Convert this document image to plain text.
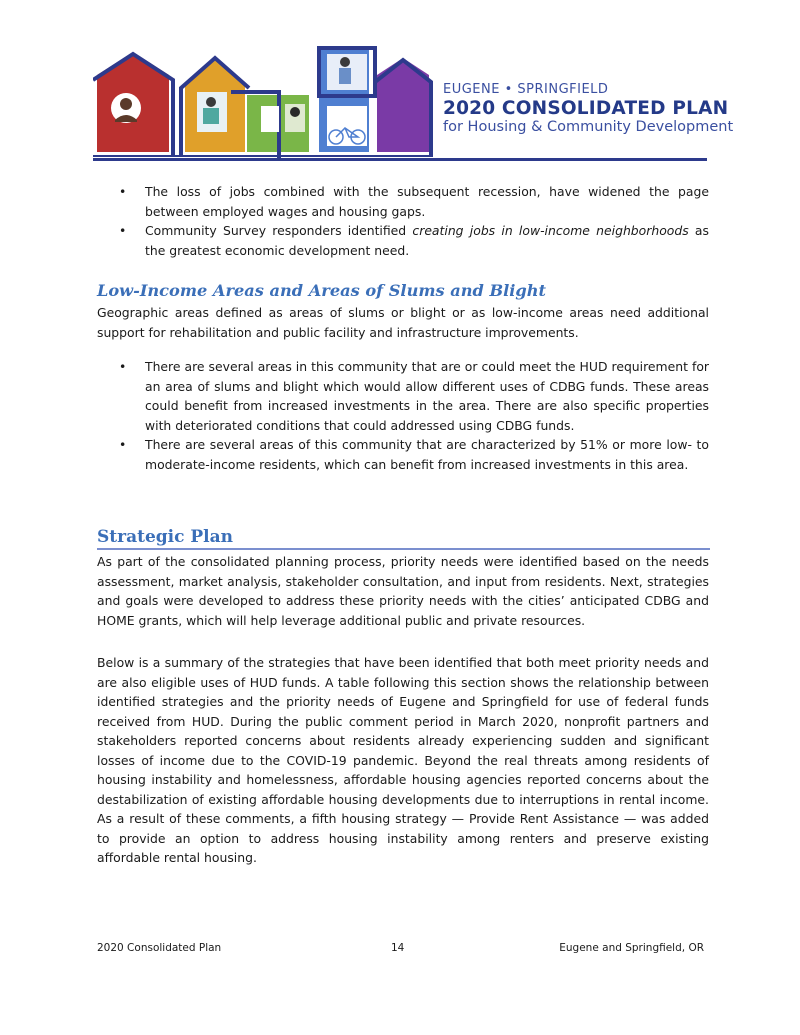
EUGENE • SPRINGFIELD
2020 CONSOLIDATED PLAN
for Housing & Community Development
• The loss of jobs combined with the subsequent recession, have widened the page between employed wages and housing gaps.
• Community Survey responders identified creating jobs in low-income neighborhoods as the greatest economic development need.
Low-Income Areas and Areas of Slums and Blight

Geographic areas defined as areas of slums or blight or as low-income areas need additional support for rehabilitation and public facility and infrastructure improvements.

• There are several areas in this community that are or could meet the HUD requirement for an area of slums and blight which would allow different uses of CDBG funds. These areas could benefit from increased investments in the area. There are also specific properties with deteriorated conditions that could addressed using CDBG funds.
• There are several areas of this community that are characterized by 51% or more low- to moderate-income residents, which can benefit from increased investments in this area.
Strategic Plan

As part of the consolidated planning process, priority needs were identified based on the needs assessment, market analysis, stakeholder consultation, and input from residents. Next, strategies and goals were developed to address these priority needs with the cities’ anticipated CDBG and HOME grants, which will help leverage additional public and private resources.

Below is a summary of the strategies that have been identified that both meet priority needs and are also eligible uses of HUD funds. A table following this section shows the relationship between identified strategies and the priority needs of Eugene and Springfield for use of federal funds received from HUD. During the public comment period in March 2020, nonprofit partners and stakeholders reported concerns about residents already experiencing sudden and significant losses of income due to the COVID-19 pandemic. Beyond the real threats among residents of housing instability and homelessness, affordable housing agencies reported concerns about the destabilization of existing affordable housing developments due to interruptions in rental income. As a result of these comments, a fifth housing strategy — Provide Rent Assistance — was added to provide an option to address housing instability among renters and preserve existing affordable rental housing.

2020 Consolidated Plan	14	Eugene and Springfield, OR
